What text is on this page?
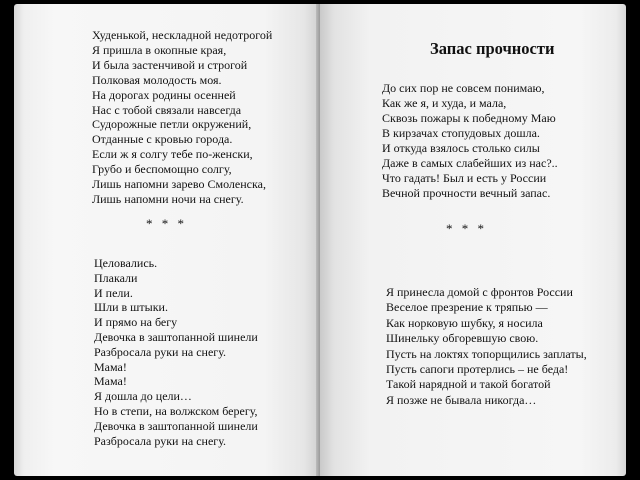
Худенькой, нескладной недотрогой
Я пришла в окопные края,
И была застенчивой и строгой
Полковая молодость моя.
На дорогах родины осенней
Нас с тобой связали навсегда
Судорожные петли окружений,
Отданные с кровью города.
Если ж я солгу тебе по-женски,
Грубо и беспомощно солгу,
Лишь напомни зарево Смоленска,
Лишь напомни ночи на снегу.
* * *
Целовались.
Плакали
И пели.
Шли в штыки.
И прямо на бегу
Девочка в заштопанной шинели
Разбросала руки на снегу.
Мама!
Мама!
Я дошла до цели…
Но в степи, на волжском берегу,
Девочка в заштопанной шинели
Разбросала руки на снегу.
Запас прочности
До сих пор не совсем понимаю,
Как же я, и худа, и мала,
Сквозь пожары к победному Маю
В кирзачах стопудовых дошла.
И откуда взялось столько силы
Даже в самых слабейших из нас?..
Что гадать! Был и есть у России
Вечной прочности вечный запас.
* * *
Я принесла домой с фронтов России
Веселое презрение к тряпью —
Как норковую шубку, я носила
Шинельку обгоревшую свою.
Пусть на локтях топорщились заплаты,
Пусть сапоги протерлись – не беда!
Такой нарядной и такой богатой
Я позже не бывала никогда…
